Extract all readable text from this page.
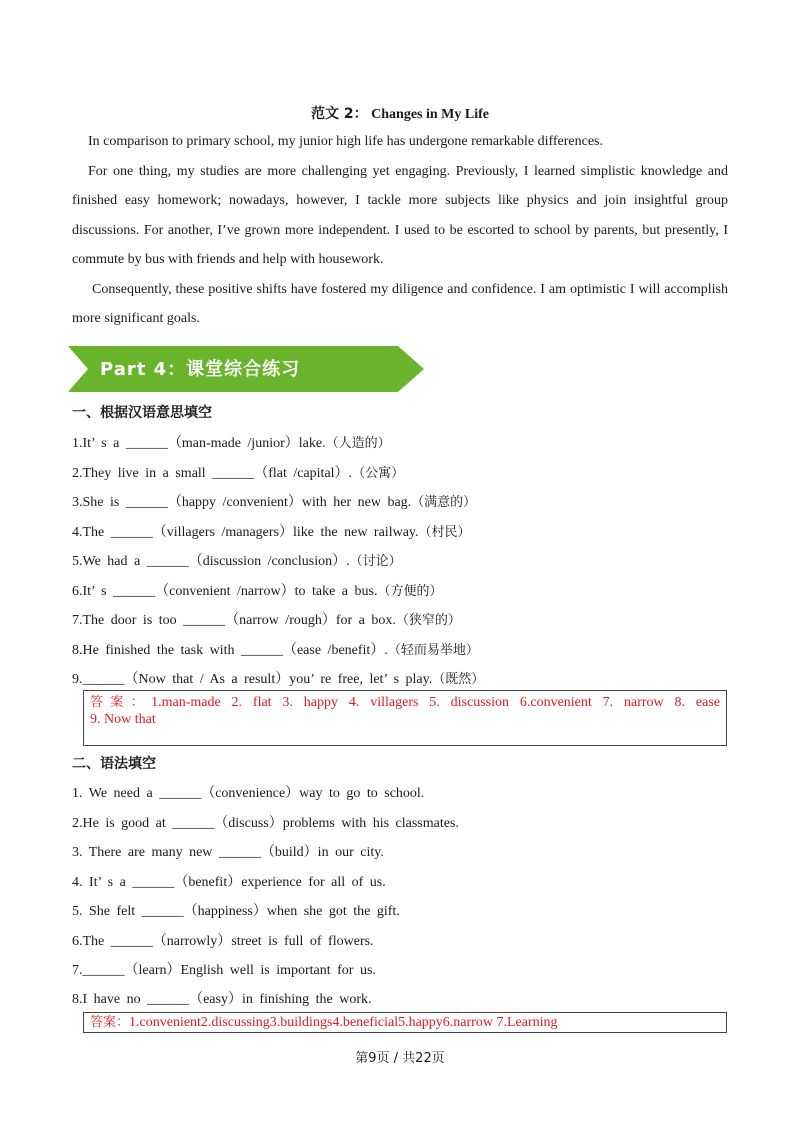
范文 2： Changes in My Life

In comparison to primary school, my junior high life has undergone remarkable differences.

For one thing, my studies are more challenging yet engaging. Previously, I learned simplistic knowledge and finished easy homework; nowadays, however, I tackle more subjects like physics and join insightful group discussions. For another, I’ve grown more independent. I used to be escorted to school by parents, but presently, I commute by bus with friends and help with housework.

Consequently, these positive shifts have fostered my diligence and confidence. I am optimistic I will accomplish more significant goals.

Part 4：课堂综合练习
一、根据汉语意思填空
1.It’ s a ______（man-made /junior）lake.（人造的）
2.They live in a small ______（flat /capital）.（公寓）
3.She is ______（happy /convenient）with her new bag.（满意的）
4.The ______（villagers /managers）like the new railway.（村民）
5.We had a ______（discussion /conclusion）.（讨论）
6.It’ s ______（convenient /narrow）to take a bus.（方便的）
7.The door is too ______（narrow /rough）for a box.（狭窄的）
8.He finished the task with ______（ease /benefit）.（轻而易举地）
9.______（Now that / As a result）you’ re free, let’ s play.（既然）
答案：1.man-made 2. flat 3. happy 4. villagers 5. discussion 6.convenient 7. narrow 8. ease
9. Now that
二、语法填空
1. We need a ______（convenience）way to go to school.
2.He is good at ______（discuss）problems with his classmates.
3. There are many new ______（build）in our city.
4. It’ s a ______（benefit）experience for all of us.
5. She felt ______（happiness）when she got the gift.
6.The ______（narrowly）street is full of flowers.
7.______（learn）English well is important for us.
8.I have no ______（easy）in finishing the work.
答案：1.convenient2.discussing3.buildings4.beneficial5.happy6.narrow 7.Learning
第9页 / 共22页
